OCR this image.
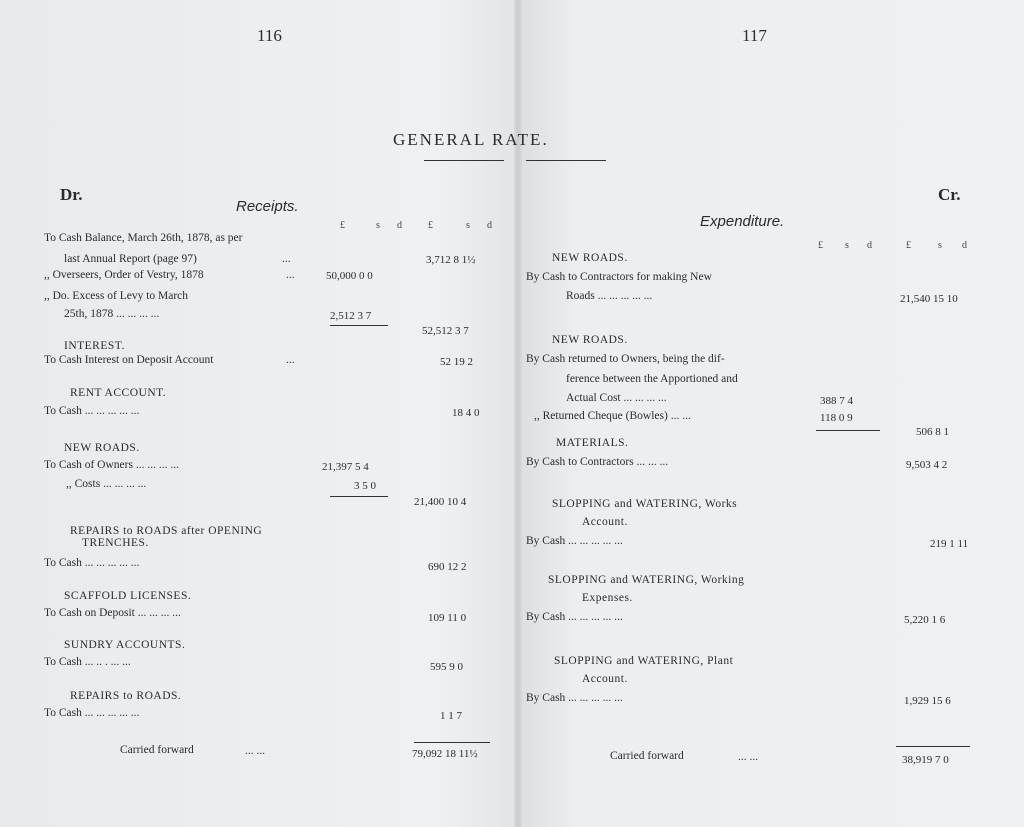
116	117
GENERAL RATE.
Dr.	Cr.
Receipts.
£	s d	£	s d
To Cash Balance, March 26th, 1878, as per
last Annual Report (page 97)	...	3,712 8 1½
,, Overseers, Order of Vestry, 1878	...	50,000 0 0
,, Do. Excess of Levy to March
25th, 1878 ... ... ... ...	2,512 3 7
52,512 3 7
INTEREST.
To Cash Interest on Deposit Account	...	52 19 2
RENT ACCOUNT.
To Cash ... ... ... ... ...	18 4 0
NEW ROADS.
To Cash of Owners ... ... ... ...	21,397 5 4
,, Costs ... ... ... ...	3 5 0
21,400 10 4
REPAIRS to ROADS after OPENING
TRENCHES.
To Cash ... ... ... ... ...	690 12 2
SCAFFOLD LICENSES.
To Cash on Deposit ... ... ... ...	109 11 0
SUNDRY ACCOUNTS.
To Cash ... .. . ... ...	595 9 0
REPAIRS to ROADS.
To Cash ... ... ... ... ...	1 1 7
Carried forward	... ...	79,092 18 11½
Expenditure.
£ s d	£	s d
NEW ROADS.
By Cash to Contractors for making New
Roads ... ... ... ... ...	21,540 15 10
NEW ROADS.
By Cash returned to Owners, being the dif-
ference between the Apportioned and
Actual Cost ... ... ... ...	388 7 4
,, Returned Cheque (Bowles) ... ...	118 0 9
506 8 1
MATERIALS.
By Cash to Contractors ... ... ...	9,503 4 2
SLOPPING and WATERING, Works
Account.
By Cash ... ... ... ... ...	219 1 11
SLOPPING and WATERING, Working
Expenses.
By Cash ... ... ... ... ...	5,220 1 6
SLOPPING and WATERING, Plant
Account.
By Cash ... ... ... ... ...	1,929 15 6
Carried forward	... ...	38,919 7 0
